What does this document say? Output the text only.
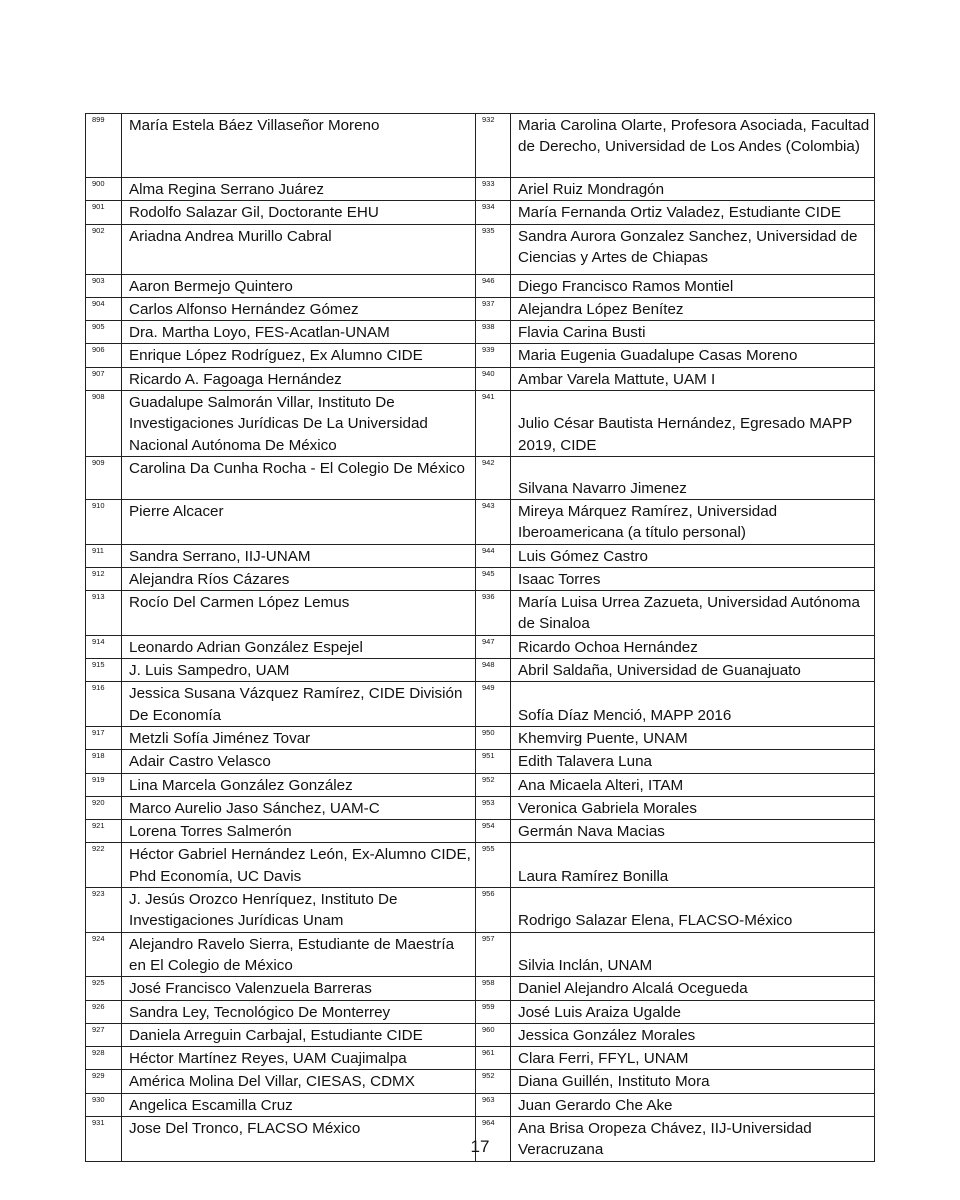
899	María Estela Báez Villaseñor Moreno	932	Maria Carolina Olarte, Profesora Asociada, Facultad de Derecho, Universidad de Los Andes (Colombia)
900	Alma Regina Serrano Juárez	933	Ariel Ruiz Mondragón
901	Rodolfo Salazar Gil, Doctorante EHU	934	María Fernanda Ortiz Valadez, Estudiante CIDE
902	Ariadna Andrea Murillo Cabral	935	Sandra Aurora Gonzalez Sanchez, Universidad de Ciencias y Artes de Chiapas
903	Aaron Bermejo Quintero	946	Diego Francisco Ramos Montiel
904	Carlos Alfonso Hernández Gómez	937	Alejandra López Benítez
905	Dra. Martha Loyo, FES-Acatlan-UNAM	938	Flavia Carina Busti
906	Enrique López Rodríguez, Ex Alumno CIDE	939	Maria Eugenia Guadalupe Casas Moreno
907	Ricardo A. Fagoaga Hernández	940	Ambar Varela Mattute, UAM I
908	Guadalupe Salmorán Villar, Instituto De Investigaciones Jurídicas De La Universidad Nacional Autónoma De México	941	Julio César Bautista Hernández, Egresado MAPP 2019, CIDE
909	Carolina Da Cunha Rocha - El Colegio De México	942	Silvana Navarro Jimenez
910	Pierre Alcacer	943	Mireya Márquez Ramírez, Universidad Iberoamericana (a título personal)
911	Sandra Serrano, IIJ-UNAM	944	Luis Gómez Castro
912	Alejandra Ríos Cázares	945	Isaac Torres
913	Rocío Del Carmen López Lemus	936	María Luisa Urrea Zazueta, Universidad Autónoma de Sinaloa
914	Leonardo Adrian González Espejel	947	Ricardo Ochoa Hernández
915	J. Luis Sampedro, UAM	948	Abril Saldaña, Universidad de Guanajuato
916	Jessica Susana Vázquez Ramírez, CIDE División De Economía	949	Sofía Díaz Menció, MAPP 2016
917	Metzli Sofía Jiménez Tovar	950	Khemvirg Puente, UNAM
918	Adair Castro Velasco	951	Edith Talavera Luna
919	Lina Marcela González González	952	Ana Micaela Alteri, ITAM
920	Marco Aurelio Jaso Sánchez, UAM-C	953	Veronica Gabriela Morales
921	Lorena Torres Salmerón	954	Germán Nava Macias
922	Héctor Gabriel Hernández León, Ex-Alumno CIDE, Phd Economía, UC Davis	955	Laura Ramírez Bonilla
923	J. Jesús Orozco Henríquez, Instituto De Investigaciones Jurídicas Unam	956	Rodrigo Salazar Elena, FLACSO-México
924	Alejandro Ravelo Sierra, Estudiante de Maestría en El Colegio de México	957	Silvia Inclán, UNAM
925	José Francisco Valenzuela Barreras	958	Daniel Alejandro Alcalá Ocegueda
926	Sandra Ley, Tecnológico De Monterrey	959	José Luis Araiza Ugalde
927	Daniela Arreguin Carbajal, Estudiante CIDE	960	Jessica González Morales
928	Héctor Martínez Reyes, UAM Cuajimalpa	961	Clara Ferri, FFYL, UNAM
929	América Molina Del Villar, CIESAS, CDMX	952	Diana Guillén, Instituto Mora
930	Angelica Escamilla Cruz	963	Juan Gerardo Che Ake
931	Jose Del Tronco, FLACSO México	964	Ana Brisa Oropeza Chávez, IIJ-Universidad Veracruzana
17
